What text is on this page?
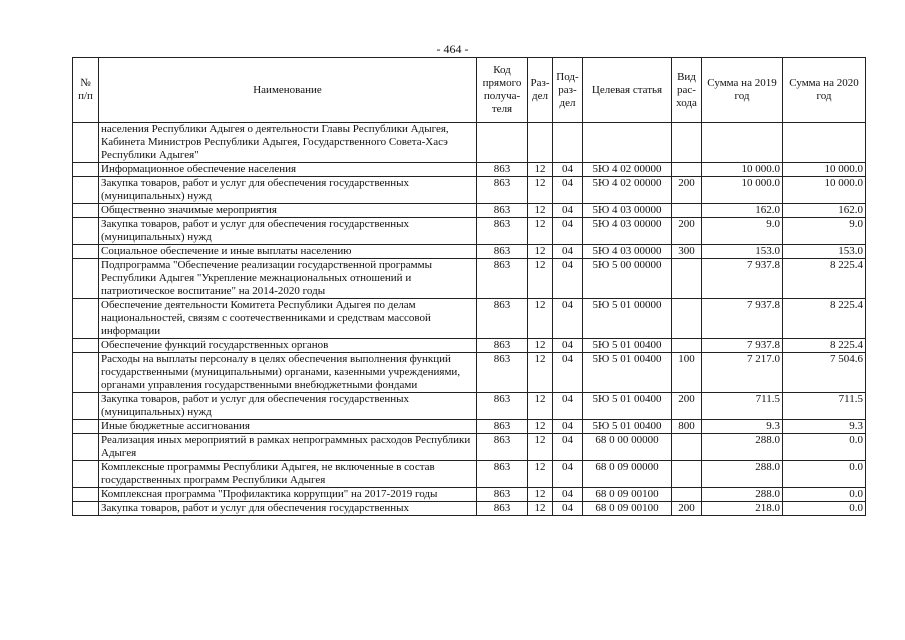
- 464 -
№ п/п	Наименование	Код прямого получа-теля	Раз-дел	Под-раз-дел	Целевая статья	Вид рас-хода	Сумма на 2019 год	Сумма на 2020 год
	населения Республики Адыгея о деятельности Главы Республики Адыгея, Кабинета Министров Республики Адыгея, Государственного Совета-Хасэ Республики Адыгея"							
	Информационное обеспечение населения	863	12	04	5Ю 4 02 00000		10 000.0	10 000.0
	Закупка товаров, работ и услуг для обеспечения государственных (муниципальных) нужд	863	12	04	5Ю 4 02 00000	200	10 000.0	10 000.0
	Общественно значимые мероприятия	863	12	04	5Ю 4 03 00000		162.0	162.0
	Закупка товаров, работ и услуг для обеспечения государственных (муниципальных) нужд	863	12	04	5Ю 4 03 00000	200	9.0	9.0
	Социальное обеспечение и иные выплаты населению	863	12	04	5Ю 4 03 00000	300	153.0	153.0
	Подпрограмма "Обеспечение реализации государственной программы Республики Адыгея "Укрепление межнациональных отношений и патриотическое воспитание" на 2014-2020 годы	863	12	04	5Ю 5 00 00000		7 937.8	8 225.4
	Обеспечение деятельности Комитета Республики Адыгея по делам национальностей, связям с соотечественниками и средствам массовой информации	863	12	04	5Ю 5 01 00000		7 937.8	8 225.4
	Обеспечение функций государственных органов	863	12	04	5Ю 5 01 00400		7 937.8	8 225.4
	Расходы на выплаты персоналу в целях обеспечения выполнения функций государственными (муниципальными) органами, казенными учреждениями, органами управления государственными внебюджетными фондами	863	12	04	5Ю 5 01 00400	100	7 217.0	7 504.6
	Закупка товаров, работ и услуг для обеспечения государственных (муниципальных) нужд	863	12	04	5Ю 5 01 00400	200	711.5	711.5
	Иные бюджетные ассигнования	863	12	04	5Ю 5 01 00400	800	9.3	9.3
	Реализация иных мероприятий в рамках непрограммных расходов Республики Адыгея	863	12	04	68 0 00 00000		288.0	0.0
	Комплексные программы Республики Адыгея, не включенные в состав государственных программ Республики Адыгея	863	12	04	68 0 09 00000		288.0	0.0
	Комплексная программа "Профилактика коррупции" на 2017-2019 годы	863	12	04	68 0 09 00100		288.0	0.0
	Закупка товаров, работ и услуг для обеспечения государственных	863	12	04	68 0 09 00100	200	218.0	0.0
